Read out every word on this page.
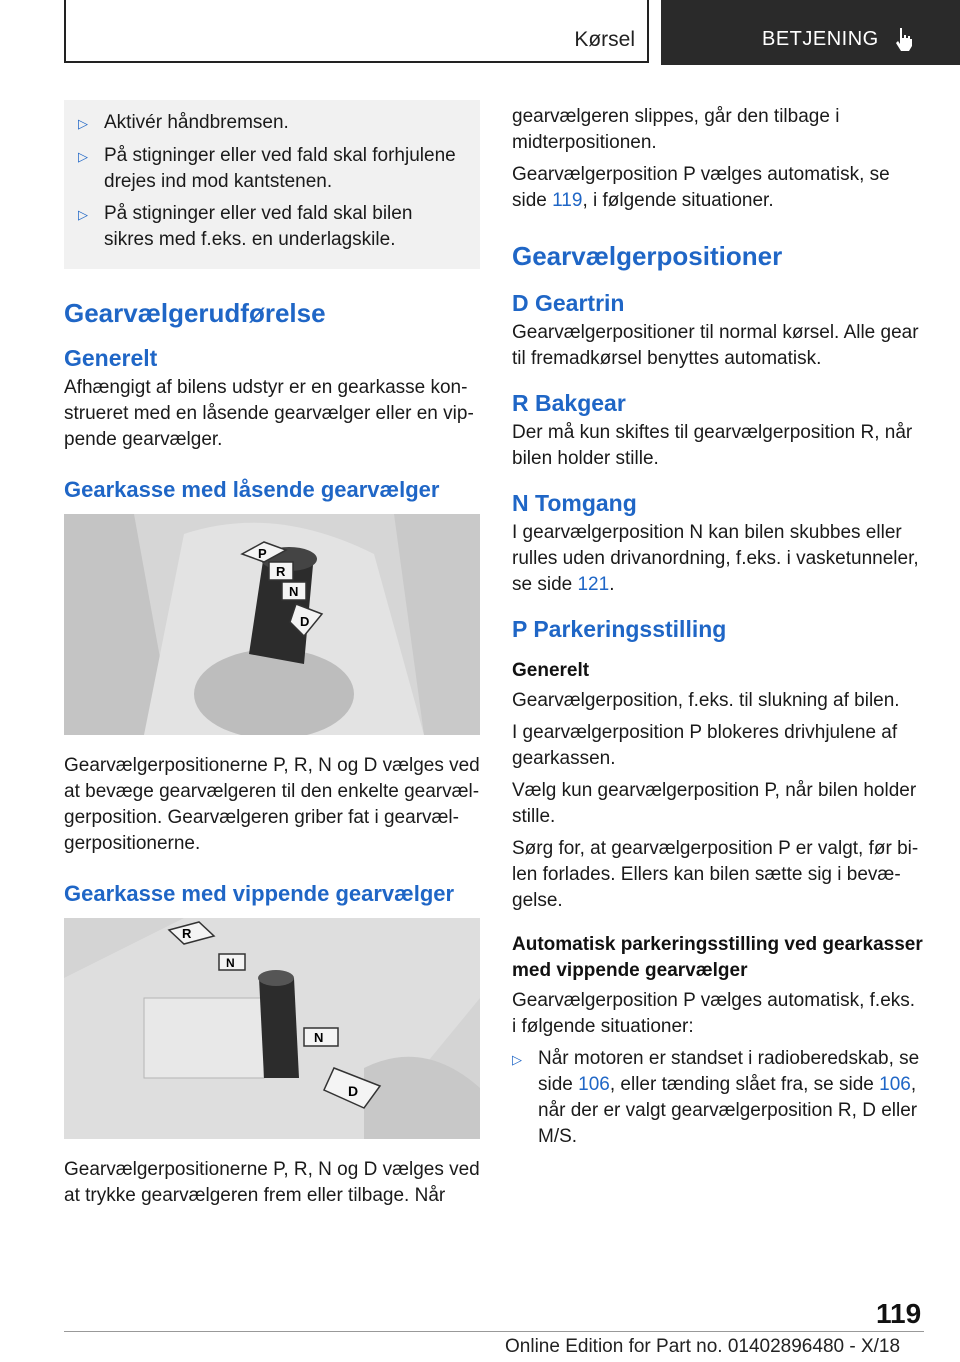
Kørsel	BETJENING
▷ Aktivér håndbremsen.
▷ På stigninger eller ved fald skal forhjulene drejes ind mod kantstenen.
▷ På stigninger eller ved fald skal bilen sikres med f.eks. en underlagskile.
Gearvælgerudførelse
Generelt
Afhængigt af bilens udstyr er en gearkasse konstrueret med en låsende gearvælger eller en vippende gearvælger.
Gearkasse med låsende gearvælger
P
R
N
D
Gearvælgerpositionerne P, R, N og D vælges ved at bevæge gearvælgeren til den enkelte gearvælgerposition. Gearvælgeren griber fat i gearvælgerpositionerne.
Gearkasse med vippende gearvælger
R
N
N
D
Gearvælgerpositionerne P, R, N og D vælges ved at trykke gearvælgeren frem eller tilbage. Når
gearvælgeren slippes, går den tilbage i midterpositionen.
Gearvælgerposition P vælges automatisk, se side 119, i følgende situationer.
Gearvælgerpositioner
D Geartrin
Gearvælgerpositioner til normal kørsel. Alle gear til fremadkørsel benyttes automatisk.
R Bakgear
Der må kun skiftes til gearvælgerposition R, når bilen holder stille.
N Tomgang
I gearvælgerposition N kan bilen skubbes eller rulles uden drivanordning, f.eks. i vasketunneler, se side 121.
P Parkeringsstilling
Generelt
Gearvælgerposition, f.eks. til slukning af bilen.
I gearvælgerposition P blokeres drivhjulene af gearkassen.
Vælg kun gearvælgerposition P, når bilen holder stille.
Sørg for, at gearvælgerposition P er valgt, før bilen forlades. Ellers kan bilen sætte sig i bevægelse.
Automatisk parkeringsstilling ved gearkasser med vippende gearvælger
Gearvælgerposition P vælges automatisk, f.eks. i følgende situationer:
▷ Når motoren er standset i radioberedskab, se side 106, eller tænding slået fra, se side 106, når der er valgt gearvælgerposition R, D eller M/S.
119
Online Edition for Part no. 01402896480 - X/18
